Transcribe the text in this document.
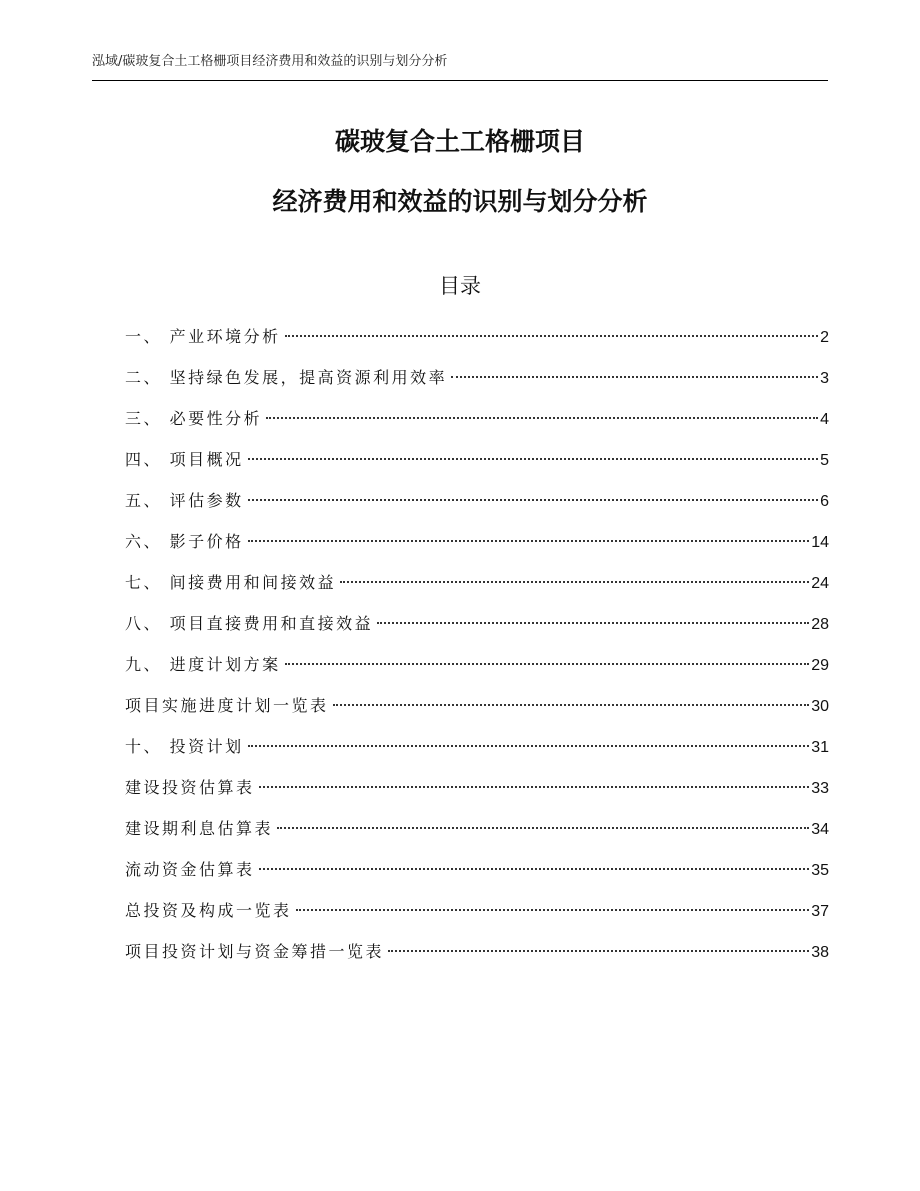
泓域/碳玻复合土工格栅项目经济费用和效益的识别与划分分析
碳玻复合土工格栅项目
经济费用和效益的识别与划分分析
目录
一、 产业环境分析	2
二、 坚持绿色发展，提高资源利用效率	3
三、 必要性分析	4
四、 项目概况	5
五、 评估参数	6
六、 影子价格	14
七、 间接费用和间接效益	24
八、 项目直接费用和直接效益	28
九、 进度计划方案	29
项目实施进度计划一览表	30
十、 投资计划	31
建设投资估算表	33
建设期利息估算表	34
流动资金估算表	35
总投资及构成一览表	37
项目投资计划与资金筹措一览表	38
